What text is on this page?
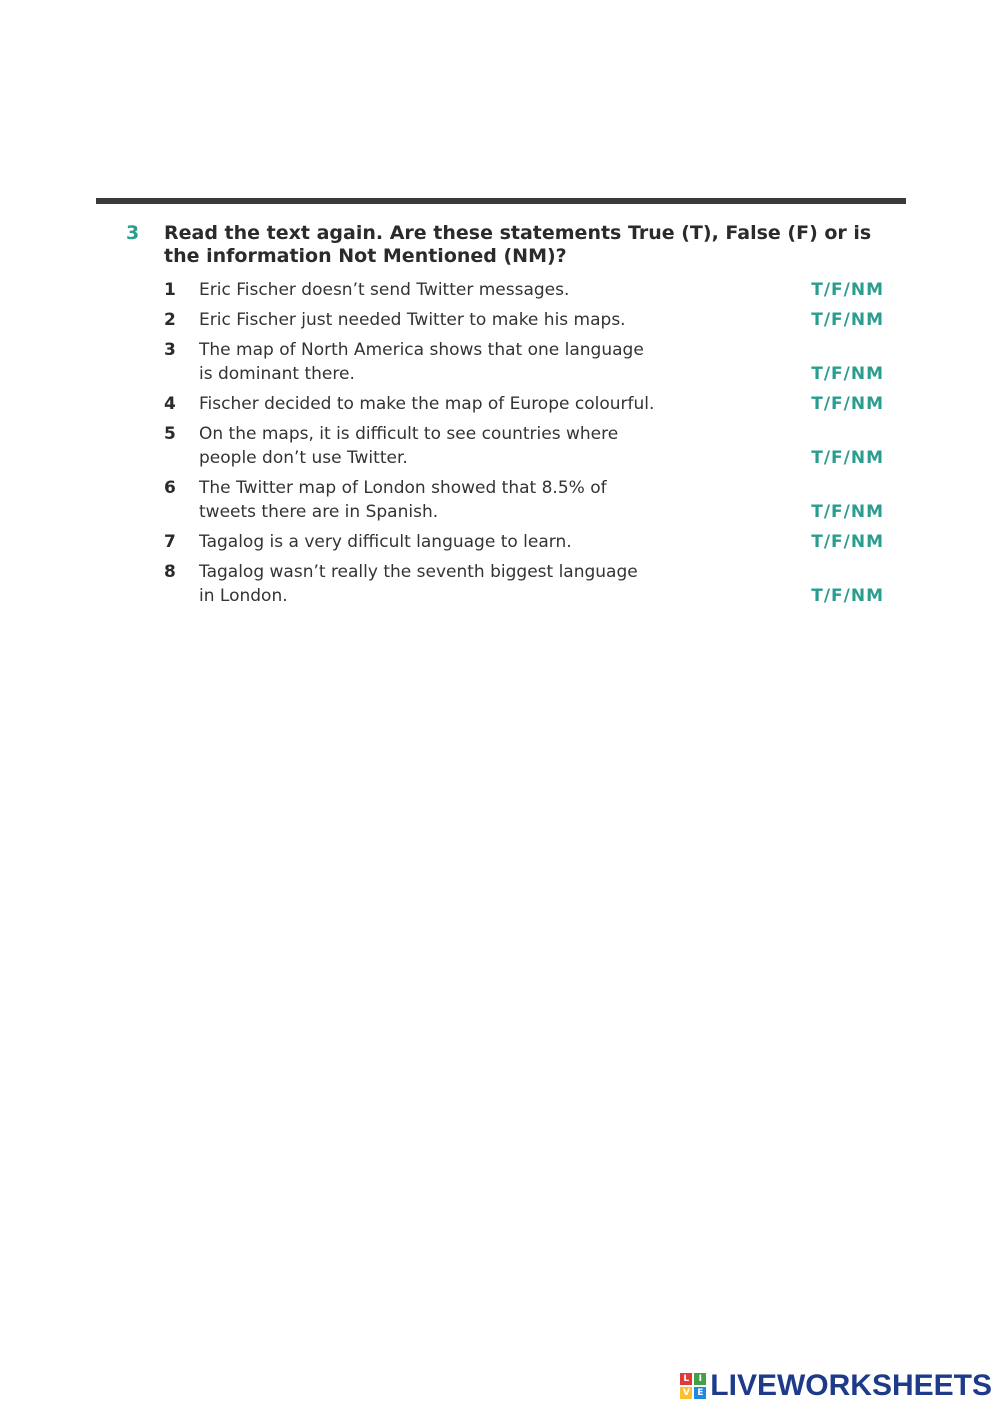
3	Read the text again. Are these statements True (T), False (F) or is the information Not Mentioned (NM)?
1	Eric Fischer doesn’t send Twitter messages.	T/F/NM
2	Eric Fischer just needed Twitter to make his maps.	T/F/NM
3	The map of North America shows that one language
is dominant there.	T/F/NM
4	Fischer decided to make the map of Europe colourful.	T/F/NM
5	On the maps, it is difficult to see countries where
people don’t use Twitter.	T/F/NM
6	The Twitter map of London showed that 8.5% of
tweets there are in Spanish.	T/F/NM
7	Tagalog is a very difficult language to learn.	T/F/NM
8	Tagalog wasn’t really the seventh biggest language
in London.	T/F/NM
L	I
V E LIVEWORKSHEETS
